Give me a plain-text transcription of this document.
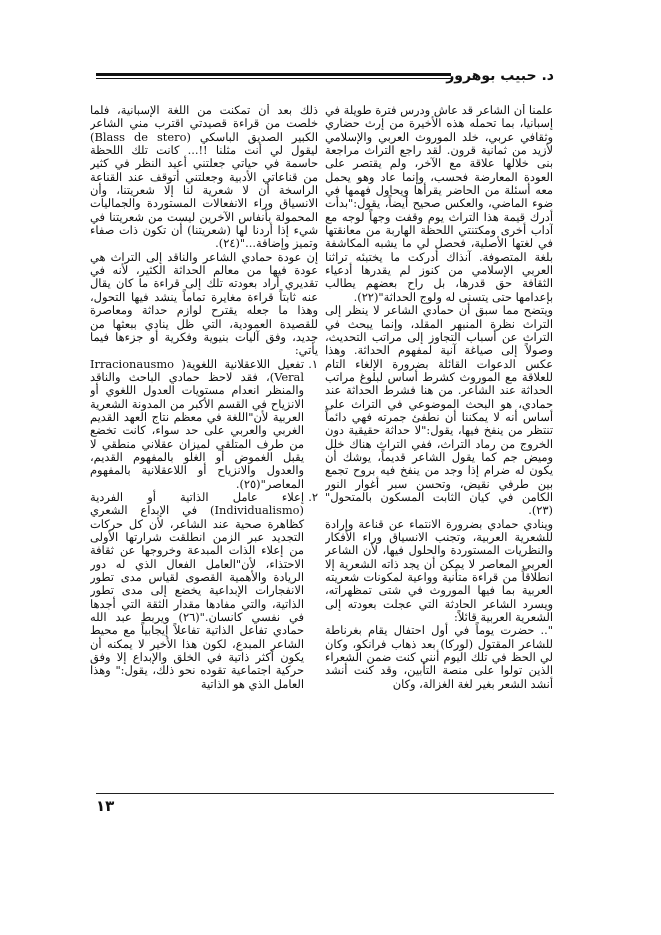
د. حبيب بوهرور

علمنا أن الشاعر قد عاش ودرس فترة طويلة في إسبانيا، بما تحمله هذه الأخيرة من إرث حضاري وثقافي عربي، خلد الموروث العربي والإسلامي لأزيد من ثمانية قرون. لقد راجع التراث مراجعة بنى خلالها علاقة مع الآخر، ولم يقتصر على العودة المعارضة فحسب، وإنما عاد وهو يحمل معه أسئلة من الحاضر يقرأها ويحاول فهمها في ضوء الماضي، والعكس صحيح أيضاً، يقول:"بدأت أدرك قيمة هذا التراث يوم وقفت وجهاً لوجه مع آداب أخرى ومكتنتي اللحظة الهاربة من معانقتها في لغتها الأصلية، فحصل لي ما يشبه المكاشفة بلغة المتصوفة. آنذاك أدركت ما يختبئه تراثنا العربي الإسلامي من كنوز لم يقدرها أدعياء الثقافة حق قدرها، بل راح بعضهم يطالب بإعدامها حتى يتسنى له ولوج الحداثة"(٢٢).

ويتضح مما سبق أن حمادي الشاعر لا ينظر إلى التراث نظرة المنبهر المقلد، وإنما يبحث في التراث عن أسباب التجاوز إلى مراتب التحديث، وصولاً إلى صياغة آنية لمفهوم الحداثة. وهذا عكس الدعوات القائلة بضرورة الإلغاء التام للعلاقة مع الموروث كشرط أساس لبلوغ مراتب الحداثة عند الشاعر. من هنا فشرط الحداثة عند حمادي، هو البحث الموضوعي في التراث على أساس أنه لا يمكننا أن نطفئ جمرته فهي دائماً تنتظر من ينفخ فيها، يقول:"لا حداثة حقيقية دون الخروج من رماد التراث، ففي التراث هناك خلل وميض جم كما يقول الشاعر قديماً، يوشك أن يكون له ضرام إذا وجد من ينفخ فيه بروح تجمع بين طرفي نقيض، وتحسن سبر أغوار النور الكامن في كيان الثابت المسكون بالمتحول"(٢٣).

وينادي حمادي بضرورة الانتماء عن قناعة وإرادة للشعرية العربية، وتجنب الانسياق وراء الأفكار والنظريات المستوردة والحلول فيها، لأن الشاعر العربي المعاصر لا يمكن أن يجد ذاته الشعرية إلا انطلاقاً من قراءة متأنية وواعية لمكونات شعريته العربية بما فيها الموروث في شتى تمظهراته، ويسرد الشاعر الحادثة التي عجلت بعودته إلى الشعرية العربية قائلاً:

".. حضرت يوماً في أول احتفال يقام بغرناطة للشاعر المقتول (لوركا) بعد ذهاب فرانكو، وكان لي الحظ في تلك اليوم أنني كنت ضمن الشعراء الذين تولوا على منصة التأبين، وقد كنت أنشد أنشد الشعر بغير لغة الغزالة، وكان

ذلك بعد أن تمكنت من اللغة الإسبانية، فلما خلصت من قراءة قصيدتي اقترب مني الشاعر الكبير الصديق الباسكي (Blass de stero) ليقول لي أنت مثلنا !!... كانت تلك اللحظة حاسمة في حياتي جعلتني أعيد النظر في كثير من قناعاتي الأدبية وجعلتني أتوقف عند القناعة الراسخة أن لا شعرية لنا إلا شعريتنا، وأن الانسياق وراء الانفعالات المستوردة والجماليات المحمولة بأنفاس الآخرين ليست من شعريتنا في شيء إذا أردنا لها (شعريتنا) أن تكون ذات صفاء وتميز وإضافة..."(٢٤).

إن عودة حمادي الشاعر والناقد إلى التراث هي عودة فيها من معالم الحداثة الكثير، لأنه في تقديري أراد بعودته تلك إلى قراءة ما كان يقال عنه ثابتاً قراءة مغايرة تماماً ينشد فيها التحول، وهذا ما جعله يقترح لوازم حداثة ومعاصرة للقصيدة العمودية، التي ظل ينادي ببعثها من جديد، وفق آليات بنيوية وفكرية أو جزءها فيما يأتي:

١.
تفعيل اللاعقلانية اللغوية( Irracionausmo Veral)، فقد لاحظ حمادي الباحث والناقد والمنظر انعدام مستويات العدول اللغوي أو الانزياح في القسم الأكبر من المدونة الشعرية العربية لأن"اللغة في معظم نتاج العهد القديم الغربي والعربي على حد سواء، كانت تخضع من طرف المتلقي لميزان عقلاني منطقي لا يقبل الغموض أو الغلو بالمفهوم القديم، والعدول والانزياح أو اللاعقلانية بالمفهوم المعاصر"(٢٥).
٢.
إعلاء عامل الذاتية أو الفردية (Individualismo) في الإبداع الشعري كظاهرة صحية عند الشاعر، لأن كل حركات التجديد عبر الزمن انطلقت شرارتها الأولى من إعلاء الذات المبدعة وخروجها عن ثقافة الاحتذاء، لأن"العامل الفعال الذي له دور الريادة والأهمية القصوى لقياس مدى تطور الانفجارات الإبداعية يخضع إلى مدى تطور الذاتية، والتي مفادها مقدار الثقة التي أجدها في نفسي كانسان."(٢٦) ويربط عبد الله حمادي تفاعل الذاتية تفاعلاً إيجابياً مع محيط الشاعر المبدع، لكون هذا الأخير لا يمكنه أن يكون أكثر ذاتية في الخلق والإبداع إلا وفق حركية اجتماعية تقوده نحو ذلك، يقول:" وهذا العامل الذي هو الذاتية
١٣
